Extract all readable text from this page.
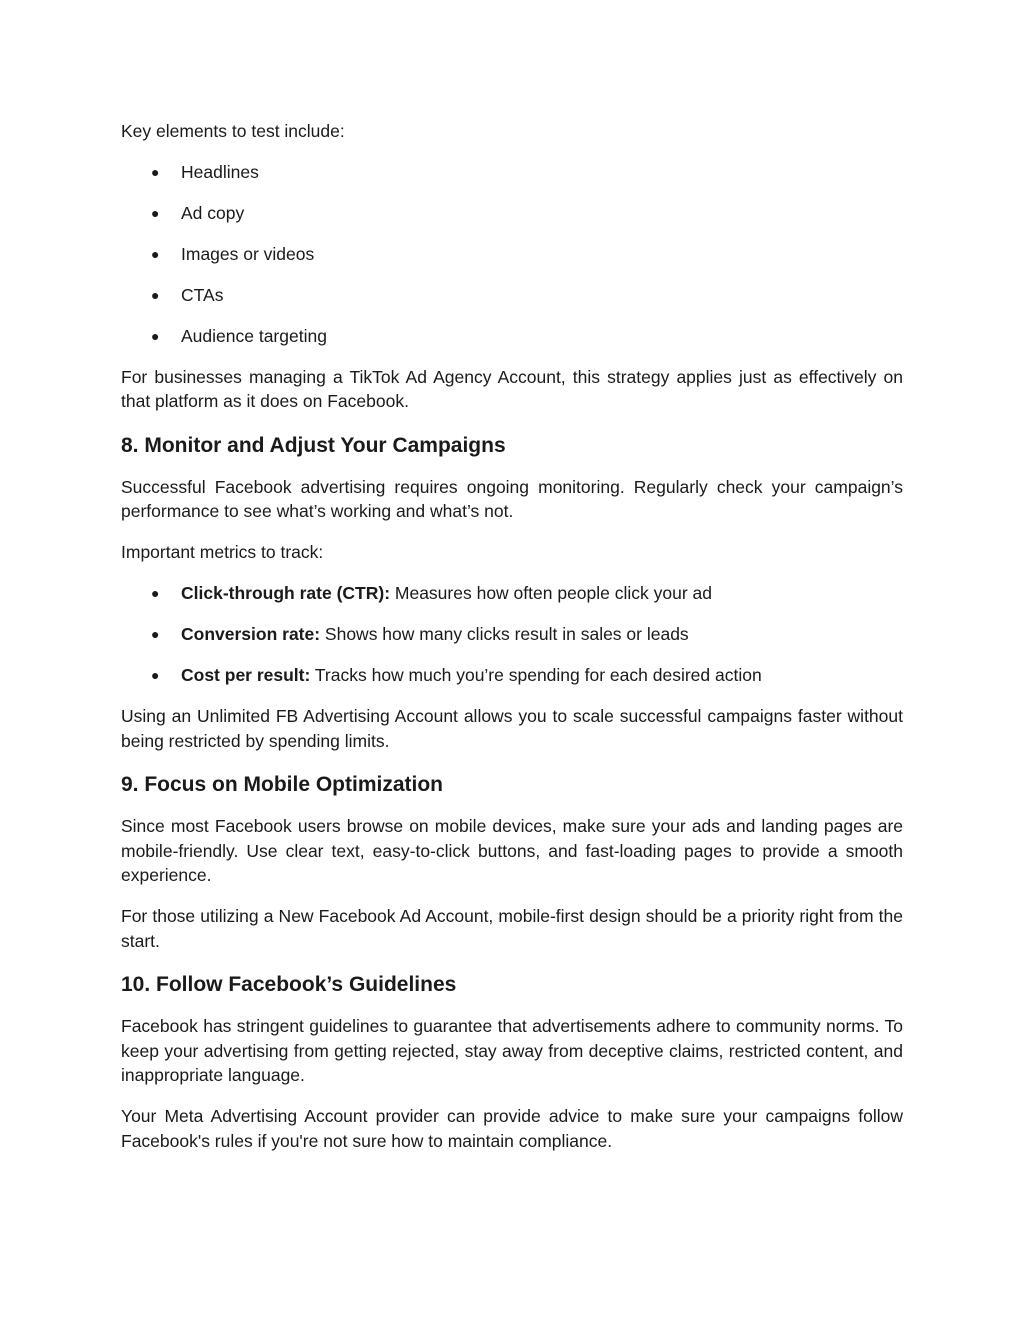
Key elements to test include:

● Headlines
● Ad copy
● Images or videos
● CTAs
● Audience targeting

For businesses managing a TikTok Ad Agency Account, this strategy applies just as effectively on that platform as it does on Facebook.

8. Monitor and Adjust Your Campaigns

Successful Facebook advertising requires ongoing monitoring. Regularly check your campaign’s performance to see what’s working and what’s not.

Important metrics to track:

● Click-through rate (CTR): Measures how often people click your ad
● Conversion rate: Shows how many clicks result in sales or leads
● Cost per result: Tracks how much you’re spending for each desired action

Using an Unlimited FB Advertising Account allows you to scale successful campaigns faster without being restricted by spending limits.

9. Focus on Mobile Optimization

Since most Facebook users browse on mobile devices, make sure your ads and landing pages are mobile-friendly. Use clear text, easy-to-click buttons, and fast-loading pages to provide a smooth experience.

For those utilizing a New Facebook Ad Account, mobile-first design should be a priority right from the start.

10. Follow Facebook’s Guidelines

Facebook has stringent guidelines to guarantee that advertisements adhere to community norms. To keep your advertising from getting rejected, stay away from deceptive claims, restricted content, and inappropriate language.

Your Meta Advertising Account provider can provide advice to make sure your campaigns follow Facebook's rules if you're not sure how to maintain compliance.
